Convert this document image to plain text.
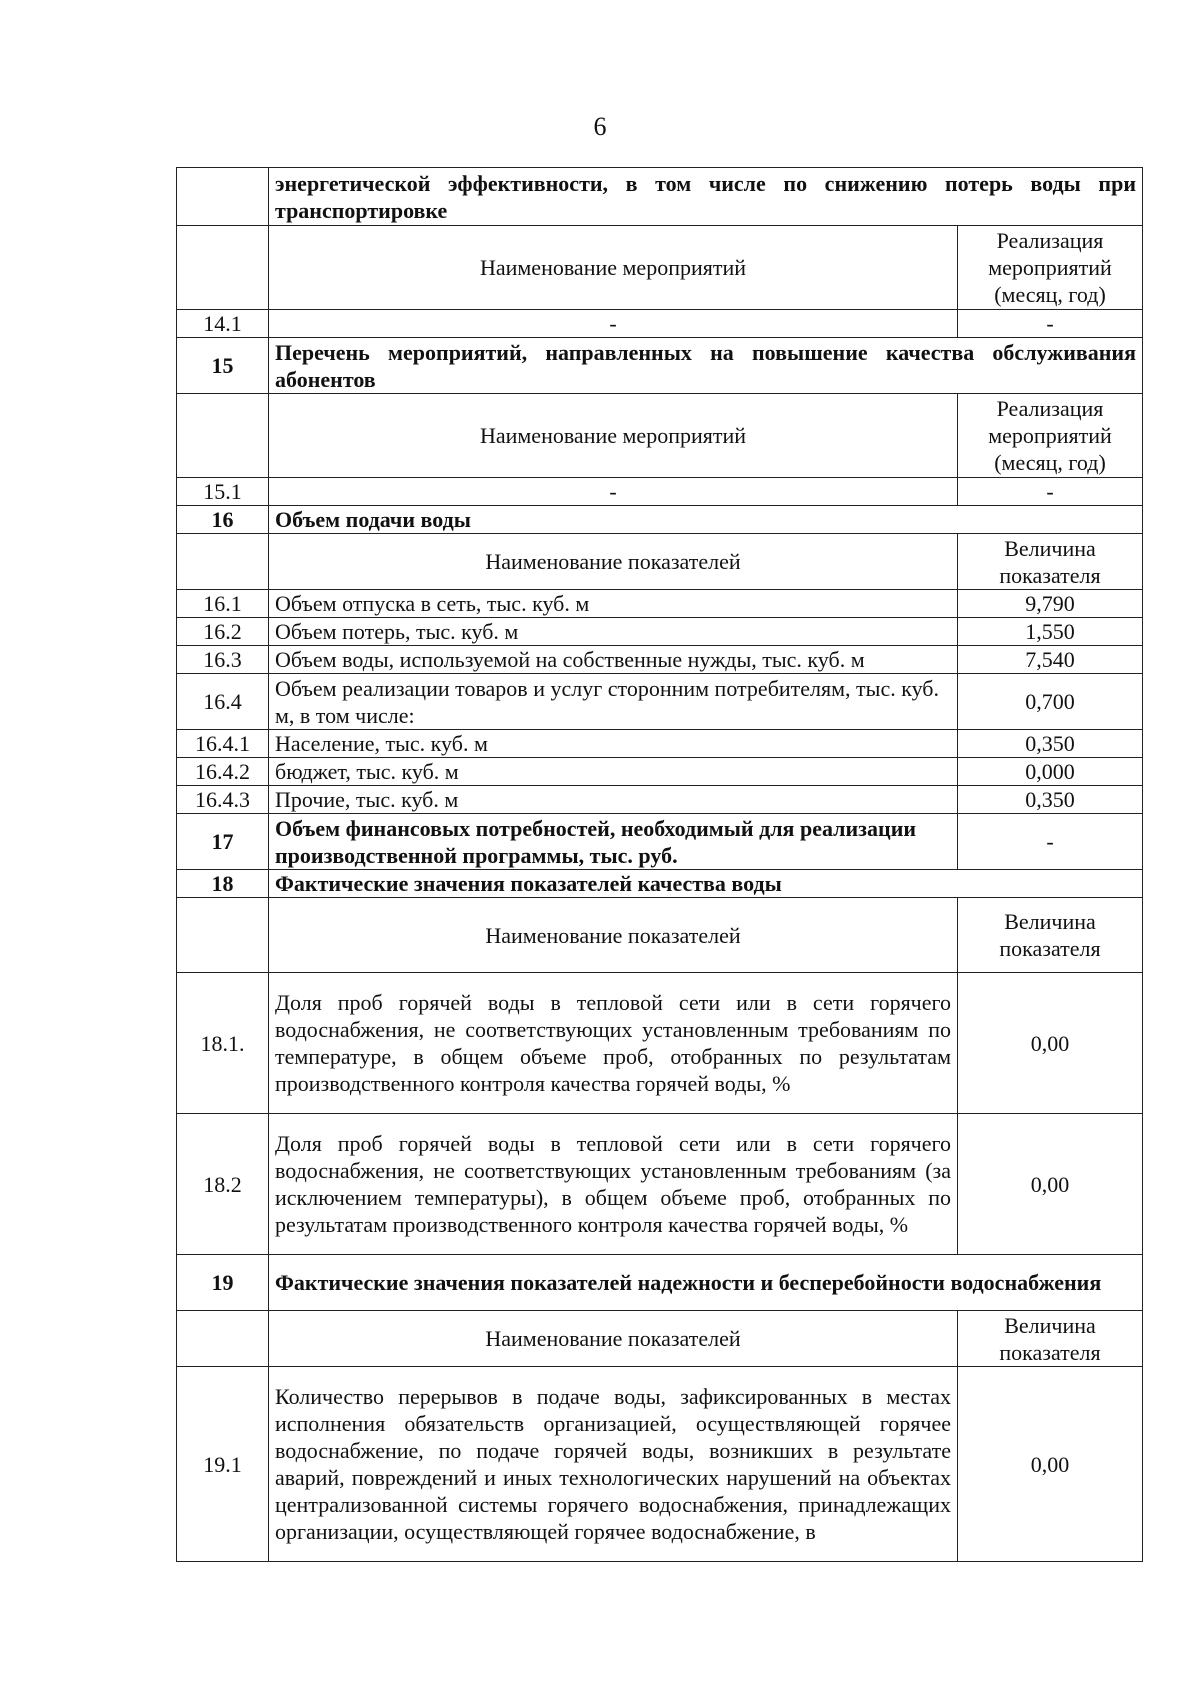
6
	энергетической эффективности, в том числе по снижению потерь воды при транспортировке	
	Наименование мероприятий	Реализация мероприятий (месяц, год)
14.1	-	-
15	Перечень мероприятий, направленных на повышение качества обслуживания абонентов	
	Наименование мероприятий	Реализация мероприятий (месяц, год)
15.1	-	-
16	Объем подачи воды	
	Наименование показателей	Величина показателя
16.1	Объем отпуска в сеть, тыс. куб. м	9,790
16.2	Объем потерь, тыс. куб. м	1,550
16.3	Объем воды, используемой на собственные нужды, тыс. куб. м	7,540
16.4	Объем реализации товаров и услуг сторонним потребителям, тыс. куб. м, в том числе:	0,700
16.4.1	Население, тыс. куб. м	0,350
16.4.2	бюджет, тыс. куб. м	0,000
16.4.3	Прочие, тыс. куб. м	0,350
17	Объем финансовых потребностей, необходимый для реализации производственной программы, тыс. руб.	-
18	Фактические значения показателей качества воды	
	Наименование показателей	Величина показателя
18.1.	Доля проб горячей воды в тепловой сети или в сети горячего водоснабжения, не соответствующих установленным требованиям по температуре, в общем объеме проб, отобранных по результатам производственного контроля качества горячей воды, %	0,00
18.2	Доля проб горячей воды в тепловой сети или в сети горячего водоснабжения, не соответствующих установленным требованиям (за исключением температуры), в общем объеме проб, отобранных по результатам производственного контроля качества горячей воды, %	0,00
19	Фактические значения показателей надежности и бесперебойности водоснабжения	
	Наименование показателей	Величина показателя
19.1	Количество перерывов в подаче воды, зафиксированных в местах исполнения обязательств организацией, осуществляющей горячее водоснабжение, по подаче горячей воды, возникших в результате аварий, повреждений и иных технологических нарушений на объектах централизованной системы горячего водоснабжения, принадлежащих организации, осуществляющей горячее водоснабжение, в	0,00
